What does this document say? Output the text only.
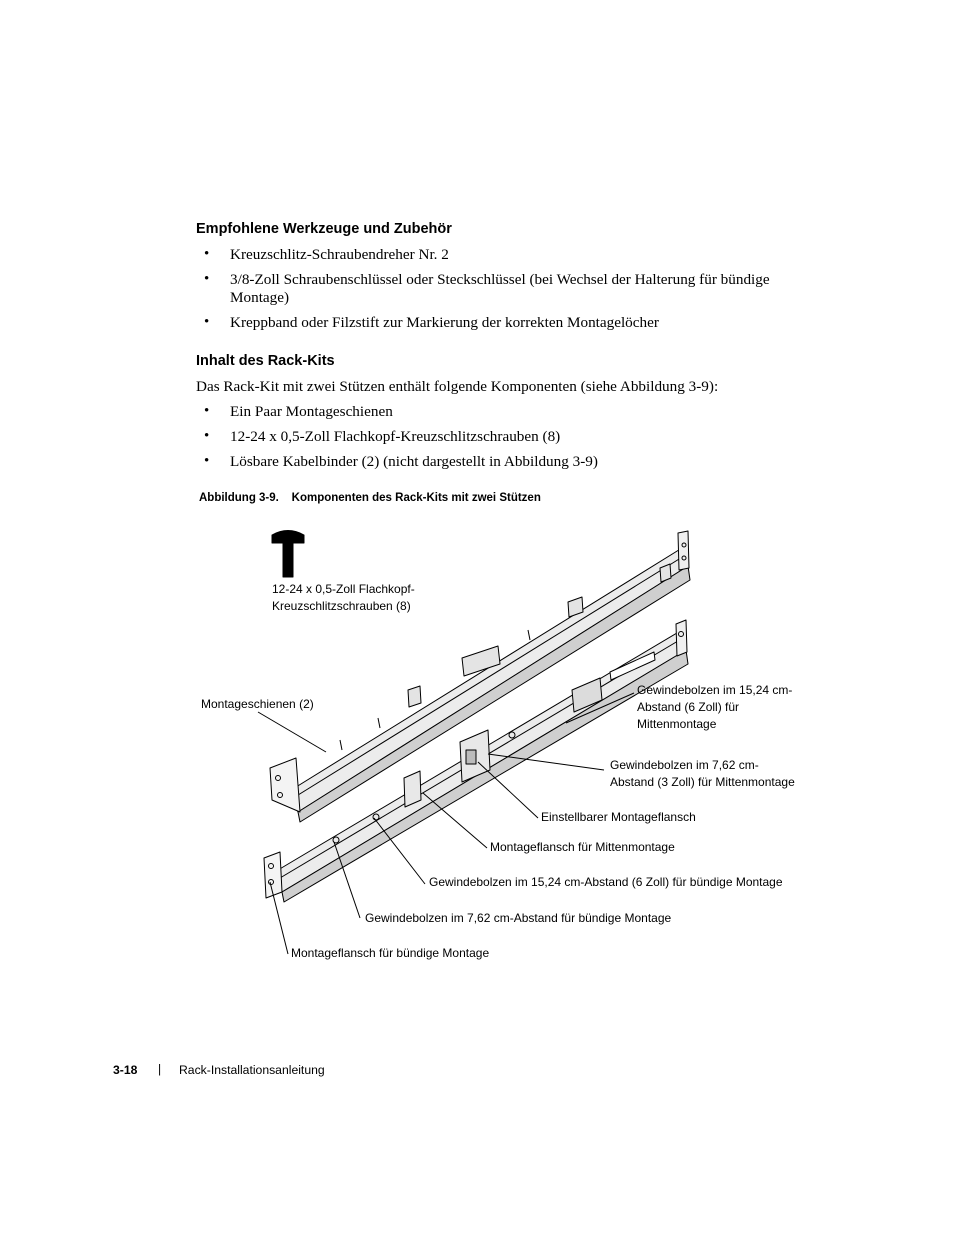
Empfohlene Werkzeuge und Zubehör
• Kreuzschlitz-Schraubendreher Nr. 2

• 3/8-Zoll Schraubenschlüssel oder Steckschlüssel (bei Wechsel der Halterung für bündige Montage)

• Kreppband oder Filzstift zur Markierung der korrekten Montagelöcher

Inhalt des Rack-Kits

Das Rack-Kit mit zwei Stützen enthält folgende Komponenten (siehe Abbildung 3-9):

• Ein Paar Montageschienen

• 12-24 x 0,5-Zoll Flachkopf-Kreuzschlitzschrauben (8)

• Lösbare Kabelbinder (2) (nicht dargestellt in Abbildung 3-9)

Abbildung 3-9. Komponenten des Rack-Kits mit zwei Stützen
12-24 x 0,5-Zoll Flachkopf-
Kreuzschlitzschrauben (8)
Montageschienen (2)
Gewindebolzen im 15,24 cm-
Abstand (6 Zoll) für
Mittenmontage
Gewindebolzen im 7,62 cm-
Abstand (3 Zoll) für Mittenmontage
Einstellbarer Montageflansch
Montageflansch für Mittenmontage
Gewindebolzen im 15,24 cm-Abstand (6 Zoll) für bündige Montage
Gewindebolzen im 7,62 cm-Abstand für bündige Montage
Montageflansch für bündige Montage
3-18 | Rack-Installationsanleitung
